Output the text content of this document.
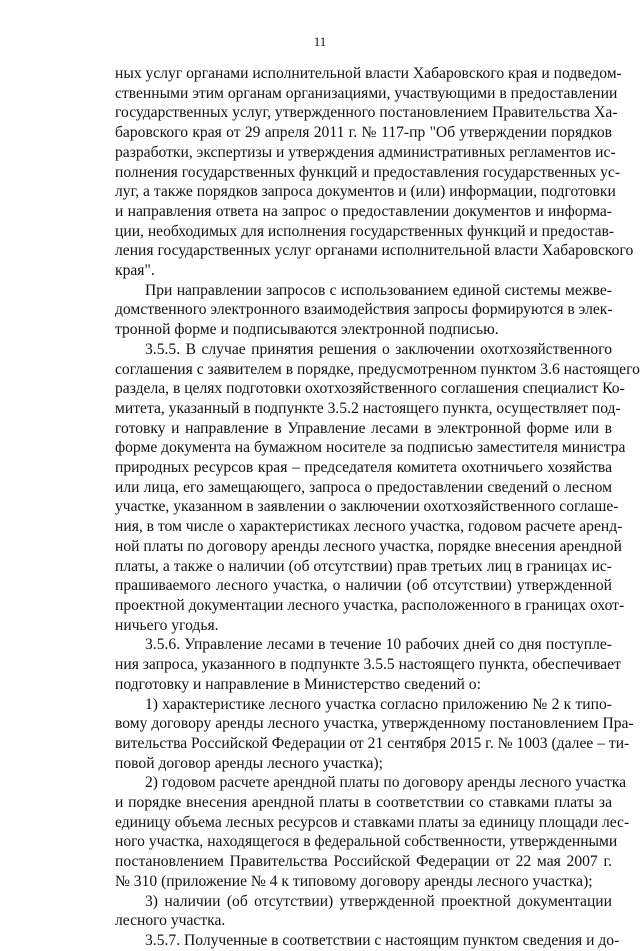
11
ных услуг органами исполнительной власти Хабаровского края и подведом-
ственными этим органам организациями, участвующими в предоставлении
государственных услуг, утвержденного постановлением Правительства Ха-
баровского края от 29 апреля 2011 г. № 117-пр "Об утверждении порядков
разработки, экспертизы и утверждения административных регламентов ис-
полнения государственных функций и предоставления государственных ус-
луг, а также порядков запроса документов и (или) информации, подготовки
и направления ответа на запрос о предоставлении документов и информа-
ции, необходимых для исполнения государственных функций и предостав-
ления государственных услуг органами исполнительной власти Хабаровского
края".
При направлении запросов с использованием единой системы межве-
домственного электронного взаимодействия запросы формируются в элек-
тронной форме и подписываются электронной подписью.
3.5.5. В случае принятия решения о заключении охотхозяйственного
соглашения с заявителем в порядке, предусмотренном пунктом 3.6 настоящего
раздела, в целях подготовки охотхозяйственного соглашения специалист Ко-
митета, указанный в подпункте 3.5.2 настоящего пункта, осуществляет под-
готовку и направление в Управление лесами в электронной форме или в
форме документа на бумажном носителе за подписью заместителя министра
природных ресурсов края – председателя комитета охотничьего хозяйства
или лица, его замещающего, запроса о предоставлении сведений о лесном
участке, указанном в заявлении о заключении охотхозяйственного соглаше-
ния, в том числе о характеристиках лесного участка, годовом расчете аренд-
ной платы по договору аренды лесного участка, порядке внесения арендной
платы, а также о наличии (об отсутствии) прав третьих лиц в границах ис-
прашиваемого лесного участка, о наличии (об отсутствии) утвержденной
проектной документации лесного участка, расположенного в границах охот-
ничьего угодья.
3.5.6. Управление лесами в течение 10 рабочих дней со дня поступле-
ния запроса, указанного в подпункте 3.5.5 настоящего пункта, обеспечивает
подготовку и направление в Министерство сведений о:
1) характеристике лесного участка согласно приложению № 2 к типо-
вому договору аренды лесного участка, утвержденному постановлением Пра-
вительства Российской Федерации от 21 сентября 2015 г. № 1003 (далее – ти-
повой договор аренды лесного участка);
2) годовом расчете арендной платы по договору аренды лесного участка
и порядке внесения арендной платы в соответствии со ставками платы за
единицу объема лесных ресурсов и ставками платы за единицу площади лес-
ного участка, находящегося в федеральной собственности, утвержденными
постановлением Правительства Российской Федерации от 22 мая 2007 г.
№ 310 (приложение № 4 к типовому договору аренды лесного участка);
3) наличии (об отсутствии) утвержденной проектной документации
лесного участка.
3.5.7. Полученные в соответствии с настоящим пунктом сведения и до-
